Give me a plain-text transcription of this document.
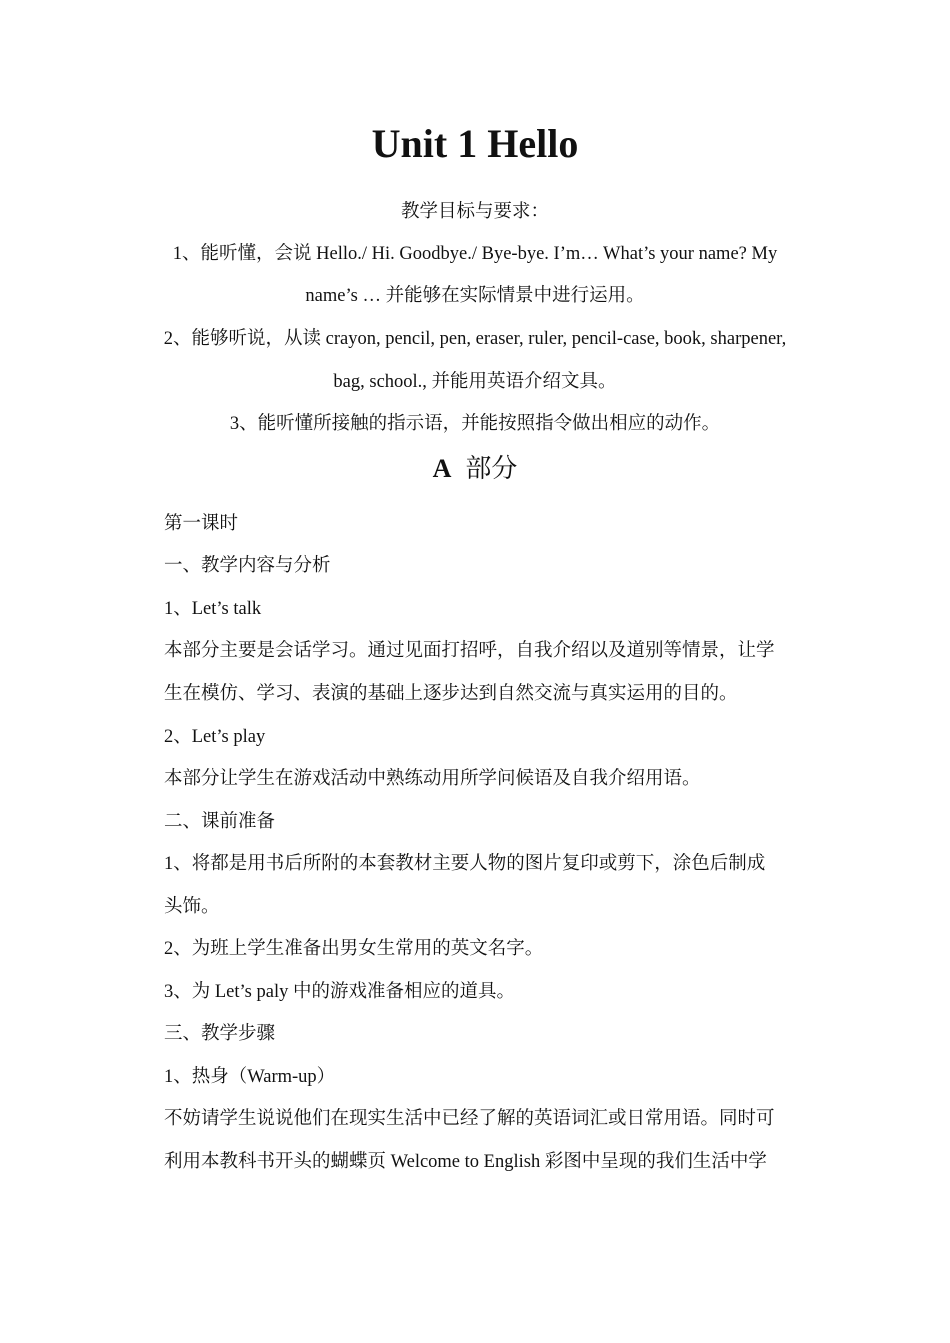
Unit 1 Hello
教学目标与要求：
1、能听懂，会说 Hello./ Hi. Goodbye./ Bye-bye. I’m… What’s your name? My
name’s … 并能够在实际情景中进行运用。
2、能够听说，从读 crayon, pencil, pen, eraser, ruler, pencil-case, book, sharpener,
bag, school., 并能用英语介绍文具。
3、能听懂所接触的指示语，并能按照指令做出相应的动作。
A 部分
第一课时
一、教学内容与分析
1、Let’s talk
本部分主要是会话学习。通过见面打招呼，自我介绍以及道别等情景，让学
生在模仿、学习、表演的基础上逐步达到自然交流与真实运用的目的。
2、Let’s play
本部分让学生在游戏活动中熟练动用所学问候语及自我介绍用语。
二、课前准备
1、将都是用书后所附的本套教材主要人物的图片复印或剪下，涂色后制成
头饰。
2、为班上学生准备出男女生常用的英文名字。
3、为 Let’s paly 中的游戏准备相应的道具。
三、教学步骤
1、热身（Warm-up）
不妨请学生说说他们在现实生活中已经了解的英语词汇或日常用语。同时可
利用本教科书开头的蝴蝶页 Welcome to English 彩图中呈现的我们生活中学
